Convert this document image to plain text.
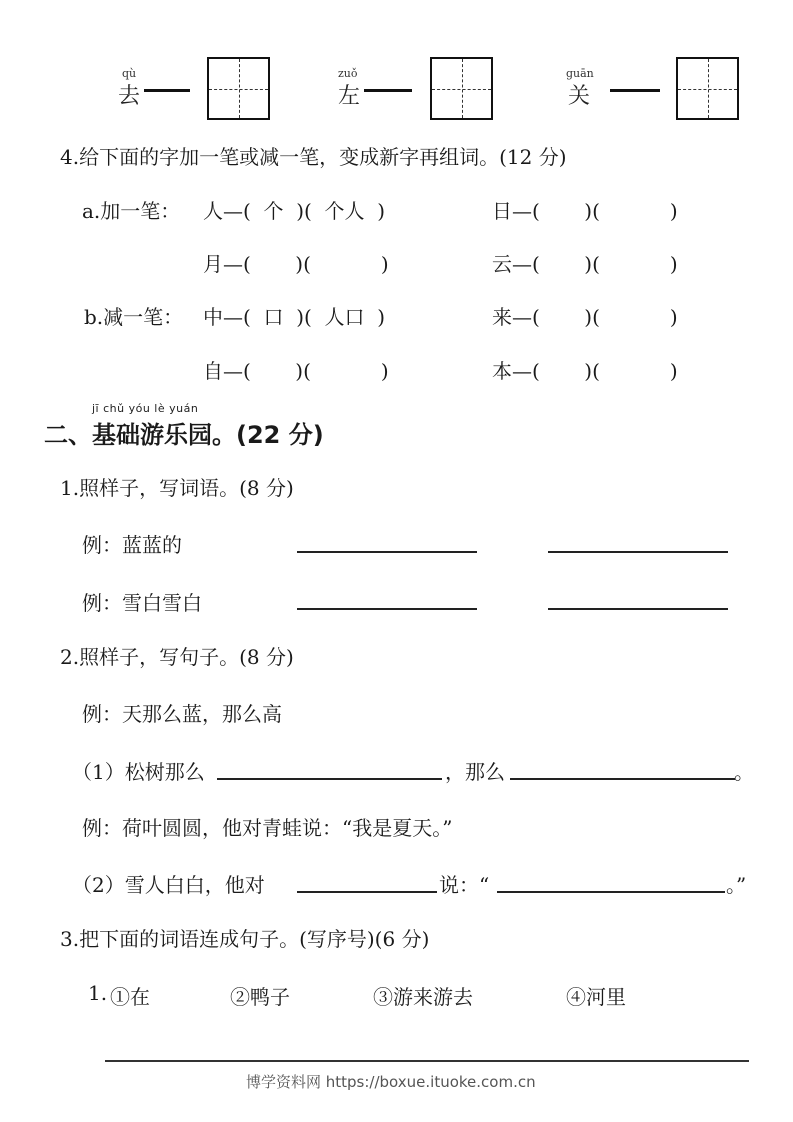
qù
去
zuǒ
左
guān
关
4.给下面的字加一笔或减一笔，变成新字再组词。(12 分)
a.加一笔： 人—(  个  )(  个人  )	日—(       )(           )
月—(       )(           )	云—(       )(           )
b.减一笔： 中—(  口  )(  人口  )	来—(       )(           )
自—(       )(           )	本—(       )(           )
jī chǔ yóu lè yuán
二、基础游乐园。(22 分)
1.照样子，写词语。(8 分)
例：蓝蓝的
例：雪白雪白
2.照样子，写句子。(8 分)
例：天那么蓝，那么高
（1）松树那么	，那么	。
例：荷叶圆圆，他对青蛙说：“我是夏天。”
（2）雪人白白，他对	说：“	。”
3.把下面的词语连成句子。(写序号)(6 分)
1. ①在	②鸭子	③游来游去	④河里
博学资料网 https://boxue.ituoke.com.cn
